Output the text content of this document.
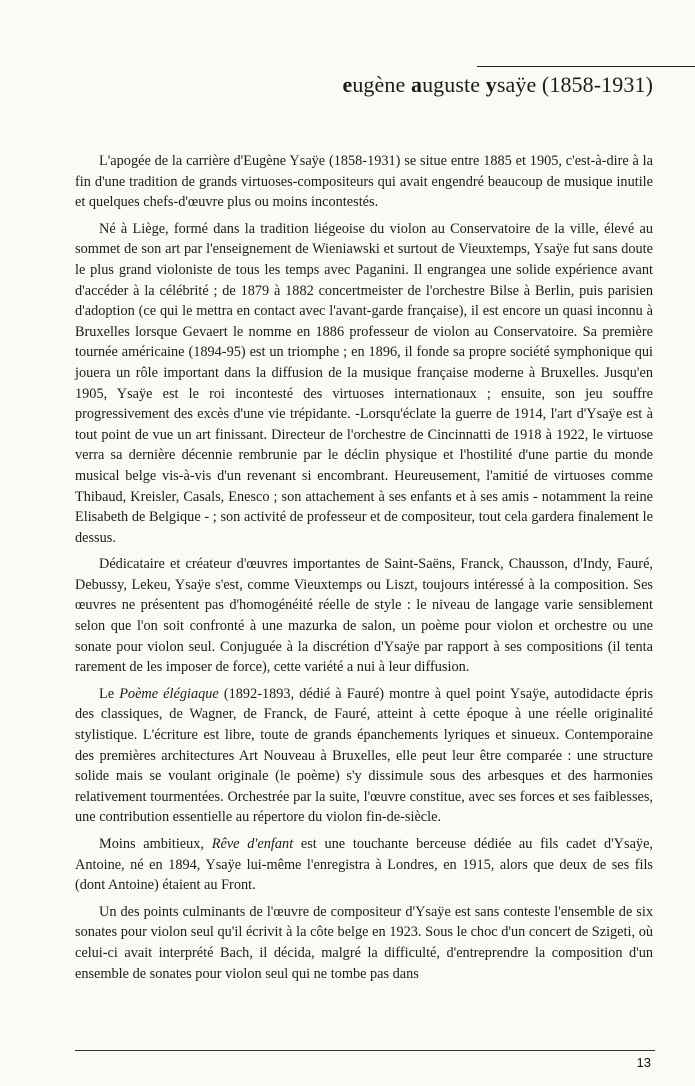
eugène auguste ysaÿe (1858-1931)

L'apogée de la carrière d'Eugène Ysaÿe (1858-1931) se situe entre 1885 et 1905, c'est-à-dire à la fin d'une tradition de grands virtuoses-compositeurs qui avait engendré beaucoup de musique inutile et quelques chefs-d'œuvre plus ou moins incontestés.

Né à Liège, formé dans la tradition liégeoise du violon au Conservatoire de la ville, élevé au sommet de son art par l'enseignement de Wieniawski et surtout de Vieuxtemps, Ysaÿe fut sans doute le plus grand violoniste de tous les temps avec Paganini. Il engrangea une solide expérience avant d'accéder à la célébrité ; de 1879 à 1882 concertmeister de l'orchestre Bilse à Berlin, puis parisien d'adoption (ce qui le mettra en contact avec l'avant-garde française), il est encore un quasi inconnu à Bruxelles lorsque Gevaert le nomme en 1886 professeur de violon au Conservatoire. Sa première tournée américaine (1894-95) est un triomphe ; en 1896, il fonde sa propre société symphonique qui jouera un rôle important dans la diffusion de la musique française moderne à Bruxelles. Jusqu'en 1905, Ysaÿe est le roi incontesté des virtuoses internationaux ; ensuite, son jeu souffre progressivement des excès d'une vie trépidante. -Lorsqu'éclate la guerre de 1914, l'art d'Ysaÿe est à tout point de vue un art finissant. Directeur de l'orchestre de Cincinnatti de 1918 à 1922, le virtuose verra sa dernière décennie rembrunie par le déclin physique et l'hostilité d'une partie du monde musical belge vis-à-vis d'un revenant si encombrant. Heureusement, l'amitié de virtuoses comme Thibaud, Kreisler, Casals, Enesco ; son attachement à ses enfants et à ses amis - notamment la reine Elisabeth de Belgique - ; son activité de professeur et de compositeur, tout cela gardera finalement le dessus.

Dédicataire et créateur d'œuvres importantes de Saint-Saëns, Franck, Chausson, d'Indy, Fauré, Debussy, Lekeu, Ysaÿe s'est, comme Vieuxtemps ou Liszt, toujours intéressé à la composition. Ses œuvres ne présentent pas d'homogénéité réelle de style : le niveau de langage varie sensiblement selon que l'on soit confronté à une mazurka de salon, un poème pour violon et orchestre ou une sonate pour violon seul. Conjuguée à la discrétion d'Ysaÿe par rapport à ses compositions (il tenta rarement de les imposer de force), cette variété a nui à leur diffusion.

Le Poème élégiaque (1892-1893, dédié à Fauré) montre à quel point Ysaÿe, autodidacte épris des classiques, de Wagner, de Franck, de Fauré, atteint à cette époque à une réelle originalité stylistique. L'écriture est libre, toute de grands épanchements lyriques et sinueux. Contemporaine des premières architectures Art Nouveau à Bruxelles, elle peut leur être comparée : une structure solide mais se voulant originale (le poème) s'y dissimule sous des arbesques et des harmonies relativement tourmentées. Orchestrée par la suite, l'œuvre constitue, avec ses forces et ses faiblesses, une contribution essentielle au répertore du violon fin-de-siècle.

Moins ambitieux, Rêve d'enfant est une touchante berceuse dédiée au fils cadet d'Ysaÿe, Antoine, né en 1894, Ysaÿe lui-même l'enregistra à Londres, en 1915, alors que deux de ses fils (dont Antoine) étaient au Front.

Un des points culminants de l'œuvre de compositeur d'Ysaÿe est sans conteste l'ensemble de six sonates pour violon seul qu'il écrivit à la côte belge en 1923. Sous le choc d'un concert de Szigeti, où celui-ci avait interprété Bach, il décida, malgré la difficulté, d'entreprendre la composition d'un ensemble de sonates pour violon seul qui ne tombe pas dans

13
